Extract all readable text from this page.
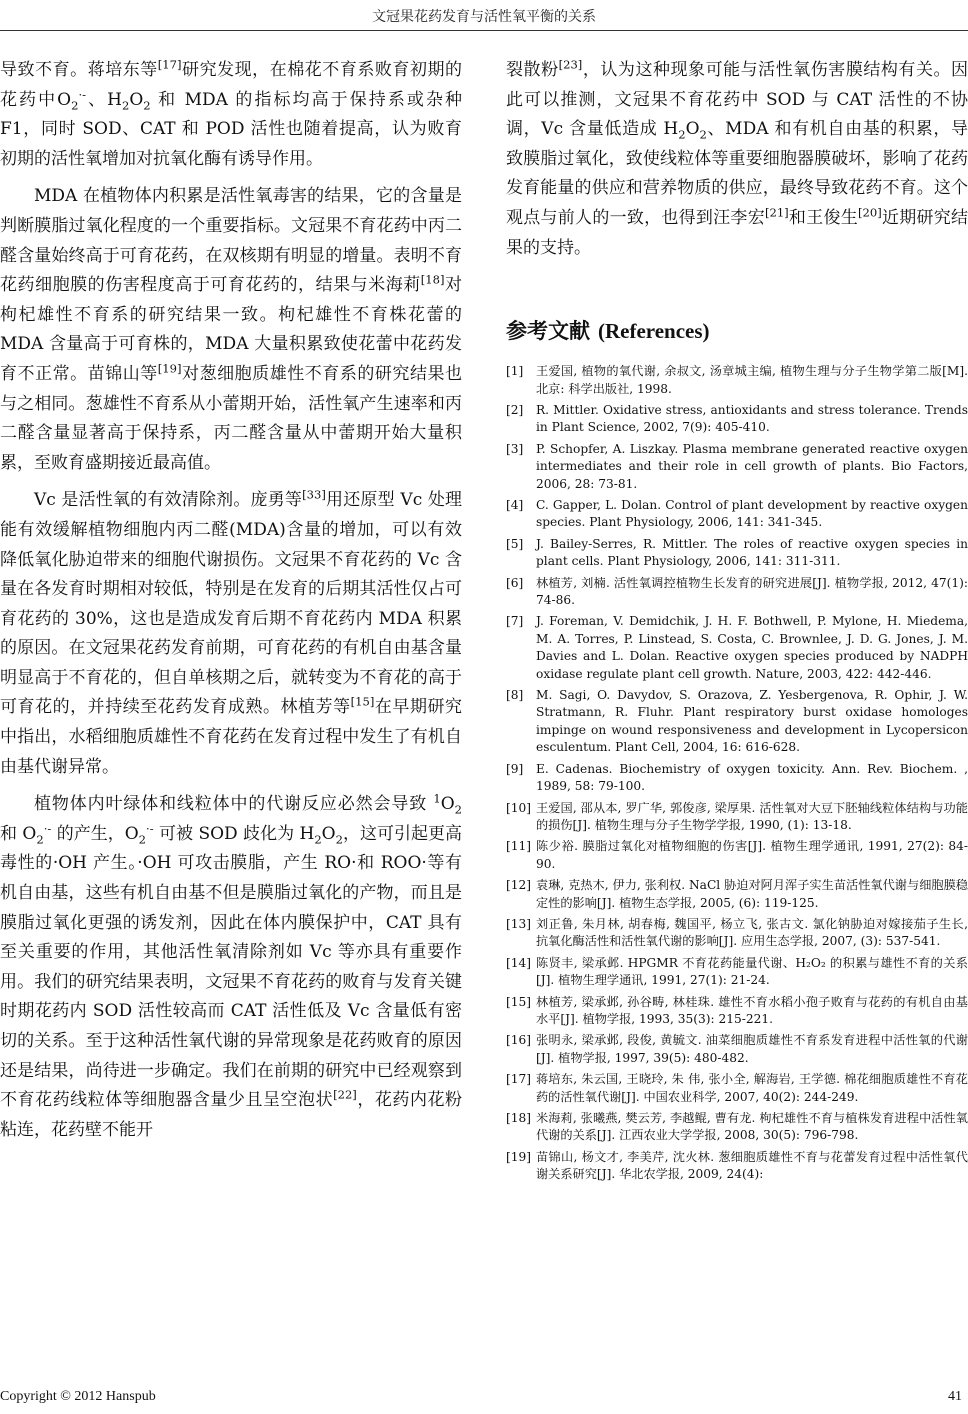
文冠果花药发育与活性氧平衡的关系

导致不育。蒋培东等[17]研究发现，在棉花不育系败育初期的花药中$O_2^{\cdot-}$、$H_2O_2$ 和 MDA 的指标均高于保持系或杂种 F1，同时 SOD、CAT 和 POD 活性也随着提高，认为败育初期的活性氧增加对抗氧化酶有诱导作用。

MDA 在植物体内积累是活性氧毒害的结果，它的含量是判断膜脂过氧化程度的一个重要指标。文冠果不育花药中丙二醛含量始终高于可育花药，在双核期有明显的增量。表明不育花药细胞膜的伤害程度高于可育花药的，结果与米海莉[18]对枸杞雄性不育系的研究结果一致。枸杞雄性不育株花蕾的 MDA 含量高于可育株的，MDA 大量积累致使花蕾中花药发育不正常。苗锦山等[19]对葱细胞质雄性不育系的研究结果也与之相同。葱雄性不育系从小蕾期开始，活性氧产生速率和丙二醛含量显著高于保持系，丙二醛含量从中蕾期开始大量积累，至败育盛期接近最高值。

Vc 是活性氧的有效清除剂。庞勇等[33]用还原型 Vc 处理能有效缓解植物细胞内丙二醛(MDA)含量的增加，可以有效降低氧化胁迫带来的细胞代谢损伤。文冠果不育花药的 Vc 含量在各发育时期相对较低，特别是在发育的后期其活性仅占可育花药的 30%，这也是造成发育后期不育花药内 MDA 积累的原因。在文冠果花药发育前期，可育花药的有机自由基含量明显高于不育花的，但自单核期之后，就转变为不育花的高于可育花的，并持续至花药发育成熟。林植芳等[15]在早期研究中指出，水稻细胞质雄性不育花药在发育过程中发生了有机自由基代谢异常。

植物体内叶绿体和线粒体中的代谢反应必然会导致 $^1O_2$ 和 $O_2^{\cdot-}$ 的产生，$O_2^{\cdot-}$ 可被 SOD 歧化为 $H_2O_2$，这可引起更高毒性的·OH 产生。·OH 可攻击膜脂，产生 RO·和 ROO·等有机自由基，这些有机自由基不但是膜脂过氧化的产物，而且是膜脂过氧化更强的诱发剂，因此在体内膜保护中，CAT 具有至关重要的作用，其他活性氧清除剂如 Vc 等亦具有重要作用。我们的研究结果表明，文冠果不育花药的败育与发育关键时期花药内 SOD 活性较高而 CAT 活性低及 Vc 含量低有密切的关系。至于这种活性氧代谢的异常现象是花药败育的原因还是结果，尚待进一步确定。我们在前期的研究中已经观察到不育花药线粒体等细胞器含量少且呈空泡状[22]，花药内花粉粘连，花药壁不能开

裂散粉[23]，认为这种现象可能与活性氧伤害膜结构有关。因此可以推测，文冠果不育花药中 SOD 与 CAT 活性的不协调，Vc 含量低造成 $H_2O_2$、MDA 和有机自由基的积累，导致膜脂过氧化，致使线粒体等重要细胞器膜破坏，影响了花药发育能量的供应和营养物质的供应，最终导致花药不育。这个观点与前人的一致，也得到汪李宏[21]和王俊生[20]近期研究结果的支持。

参考文献 (References)
[1]	王爱国, 植物的氧代谢, 余叔文, 汤章城主编, 植物生理与分子生物学第二版[M]. 北京: 科学出版社, 1998.
[2]	R. Mittler. Oxidative stress, antioxidants and stress tolerance. Trends in Plant Science, 2002, 7(9): 405-410.
[3]	P. Schopfer, A. Liszkay. Plasma membrane generated reactive oxygen intermediates and their role in cell growth of plants. Bio Factors, 2006, 28: 73-81.
[4]	C. Gapper, L. Dolan. Control of plant development by reactive oxygen species. Plant Physiology, 2006, 141: 341-345.
[5]	J. Bailey-Serres, R. Mittler. The roles of reactive oxygen species in plant cells. Plant Physiology, 2006, 141: 311-311.
[6]	林植芳, 刘楠. 活性氧调控植物生长发育的研究进展[J]. 植物学报, 2012, 47(1): 74-86.
[7]	J. Foreman, V. Demidchik, J. H. F. Bothwell, P. Mylone, H. Miedema, M. A. Torres, P. Linstead, S. Costa, C. Brownlee, J. D. G. Jones, J. M. Davies and L. Dolan. Reactive oxygen species produced by NADPH oxidase regulate plant cell growth. Nature, 2003, 422: 442-446.
[8]	M. Sagi, O. Davydov, S. Orazova, Z. Yesbergenova, R. Ophir, J. W. Stratmann, R. Fluhr. Plant respiratory burst oxidase homologes impinge on wound responsiveness and development in Lycopersicon esculentum. Plant Cell, 2004, 16: 616-628.
[9]	E. Cadenas. Biochemistry of oxygen toxicity. Ann. Rev. Biochem. , 1989, 58: 79-100.
[10] 王爱国, 邵从本, 罗广华, 郭俊彦, 梁厚果. 活性氧对大豆下胚轴线粒体结构与功能的损伤[J]. 植物生理与分子生物学学报, 1990, (1): 13-18.
[11] 陈少裕. 膜脂过氧化对植物细胞的伤害[J]. 植物生理学通讯, 1991, 27(2): 84-90.
[12] 袁琳, 克热木, 伊力, 张利权. NaCl 胁迫对阿月浑子实生苗活性氧代谢与细胞膜稳定性的影响[J]. 植物生态学报, 2005, (6): 119-125.
[13] 刘正鲁, 朱月林, 胡春梅, 魏国平, 杨立飞, 张古文. 氯化钠胁迫对嫁接茄子生长, 抗氧化酶活性和活性氧代谢的影响[J]. 应用生态学报, 2007, (3): 537-541.
[14] 陈贤丰, 梁承邺. HPGMR 不育花药能量代谢、H₂O₂ 的积累与雄性不育的关系[J]. 植物生理学通讯, 1991, 27(1): 21-24.
[15] 林植芳, 梁承邺, 孙谷畴, 林桂珠. 雄性不育水稻小孢子败育与花药的有机自由基水平[J]. 植物学报, 1993, 35(3): 215-221.
[16] 张明永, 梁承邺, 段俊, 黄毓文. 油菜细胞质雄性不育系发育进程中活性氧的代谢[J]. 植物学报, 1997, 39(5): 480-482.
[17] 蒋培东, 朱云国, 王晓玲, 朱 伟, 张小全, 解海岩, 王学德. 棉花细胞质雄性不育花药的活性氧代谢[J]. 中国农业科学, 2007, 40(2): 244-249.
[18] 米海莉, 张曦燕, 樊云芳, 李越鲲, 曹有龙. 枸杞雄性不育与植株发育进程中活性氧代谢的关系[J]. 江西农业大学学报, 2008, 30(5): 796-798.
[19] 苗锦山, 杨文才, 李美芹, 沈火林. 葱细胞质雄性不育与花蕾发育过程中活性氧代谢关系研究[J]. 华北农学报, 2009, 24(4):
Copyright © 2012 Hanspub	41
